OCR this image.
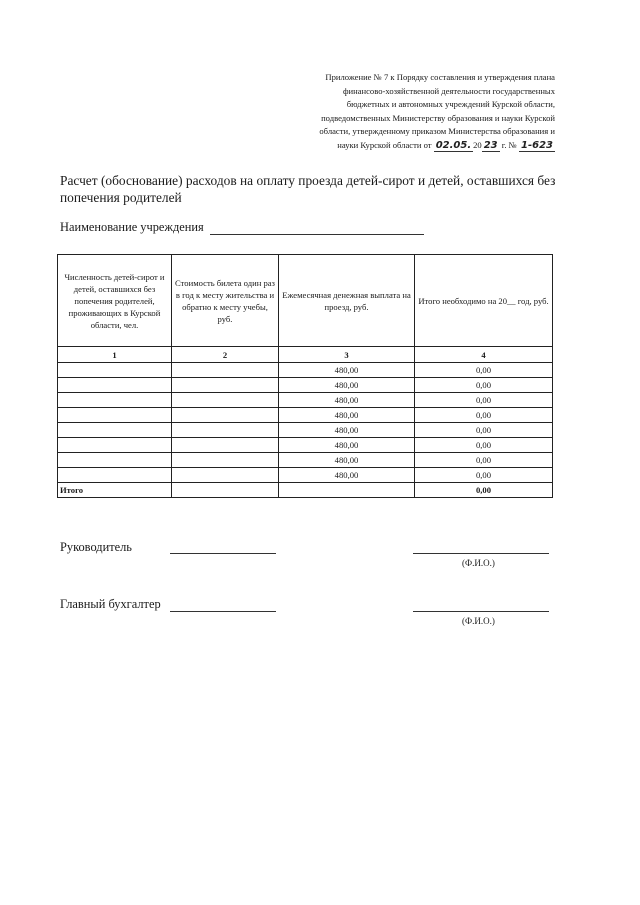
Приложение № 7 к Порядку составления и утверждения плана
финансово-хозяйственной деятельности государственных
бюджетных и автономных учреждений Курской области,
подведомственных Министерству образования и науки Курской
области, утвержденному приказом Министерства образования и
науки Курской области от 02.05. 20 23 г. № 1-623
Расчет (обоснование) расходов на оплату проезда детей-сирот и детей, оставшихся без попечения родителей
Наименование учреждения
Численность детей-сирот и детей, оставшихся без попечения родителей, проживающих в Курской области, чел.	Стоимость билета один раз в год к месту жительства и обратно к месту учебы, руб.	Ежемесячная денежная выплата на проезд, руб.	Итого необходимо на 20__ год, руб.
1	2	3	4
		480,00	0,00
		480,00	0,00
		480,00	0,00
		480,00	0,00
		480,00	0,00
		480,00	0,00
		480,00	0,00
		480,00	0,00
Итого			0,00
Руководитель
(Ф.И.О.)
Главный бухгалтер
(Ф.И.О.)
